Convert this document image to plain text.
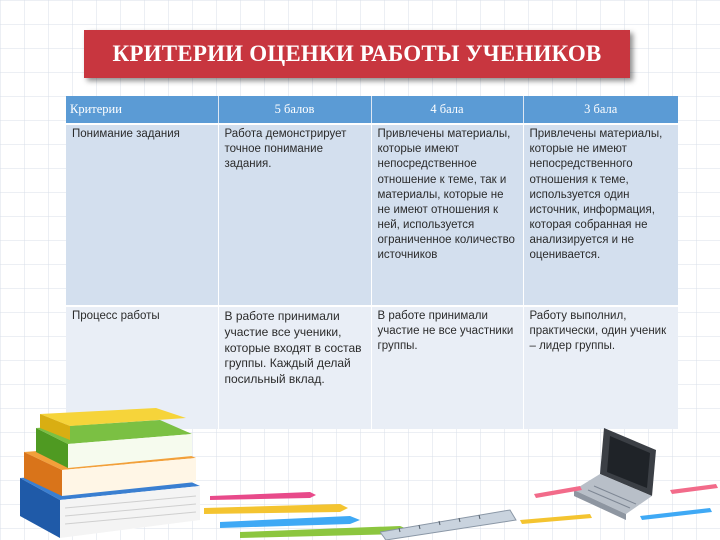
КРИТЕРИИ ОЦЕНКИ РАБОТЫ УЧЕНИКОВ
Критерии	5 балов	4 бала	3 бала
Понимание задания	Работа демонстрирует точное понимание задания.	Привлечены материалы, которые имеют непосредственное отношение к теме, так и материалы, которые не не имеют отношения к ней, используется ограниченное количество источников	Привлечены материалы, которые не имеют непосредственного отношения к теме, используется один источник, информация, которая собранная не анализируется и не оценивается.
Процесс работы	В работе принимали участие все ученики, которые входят в состав группы. Каждый делай посильный вклад.	В работе принимали участие не все участники группы.	Работу выполнил, практически, один ученик – лидер группы.
